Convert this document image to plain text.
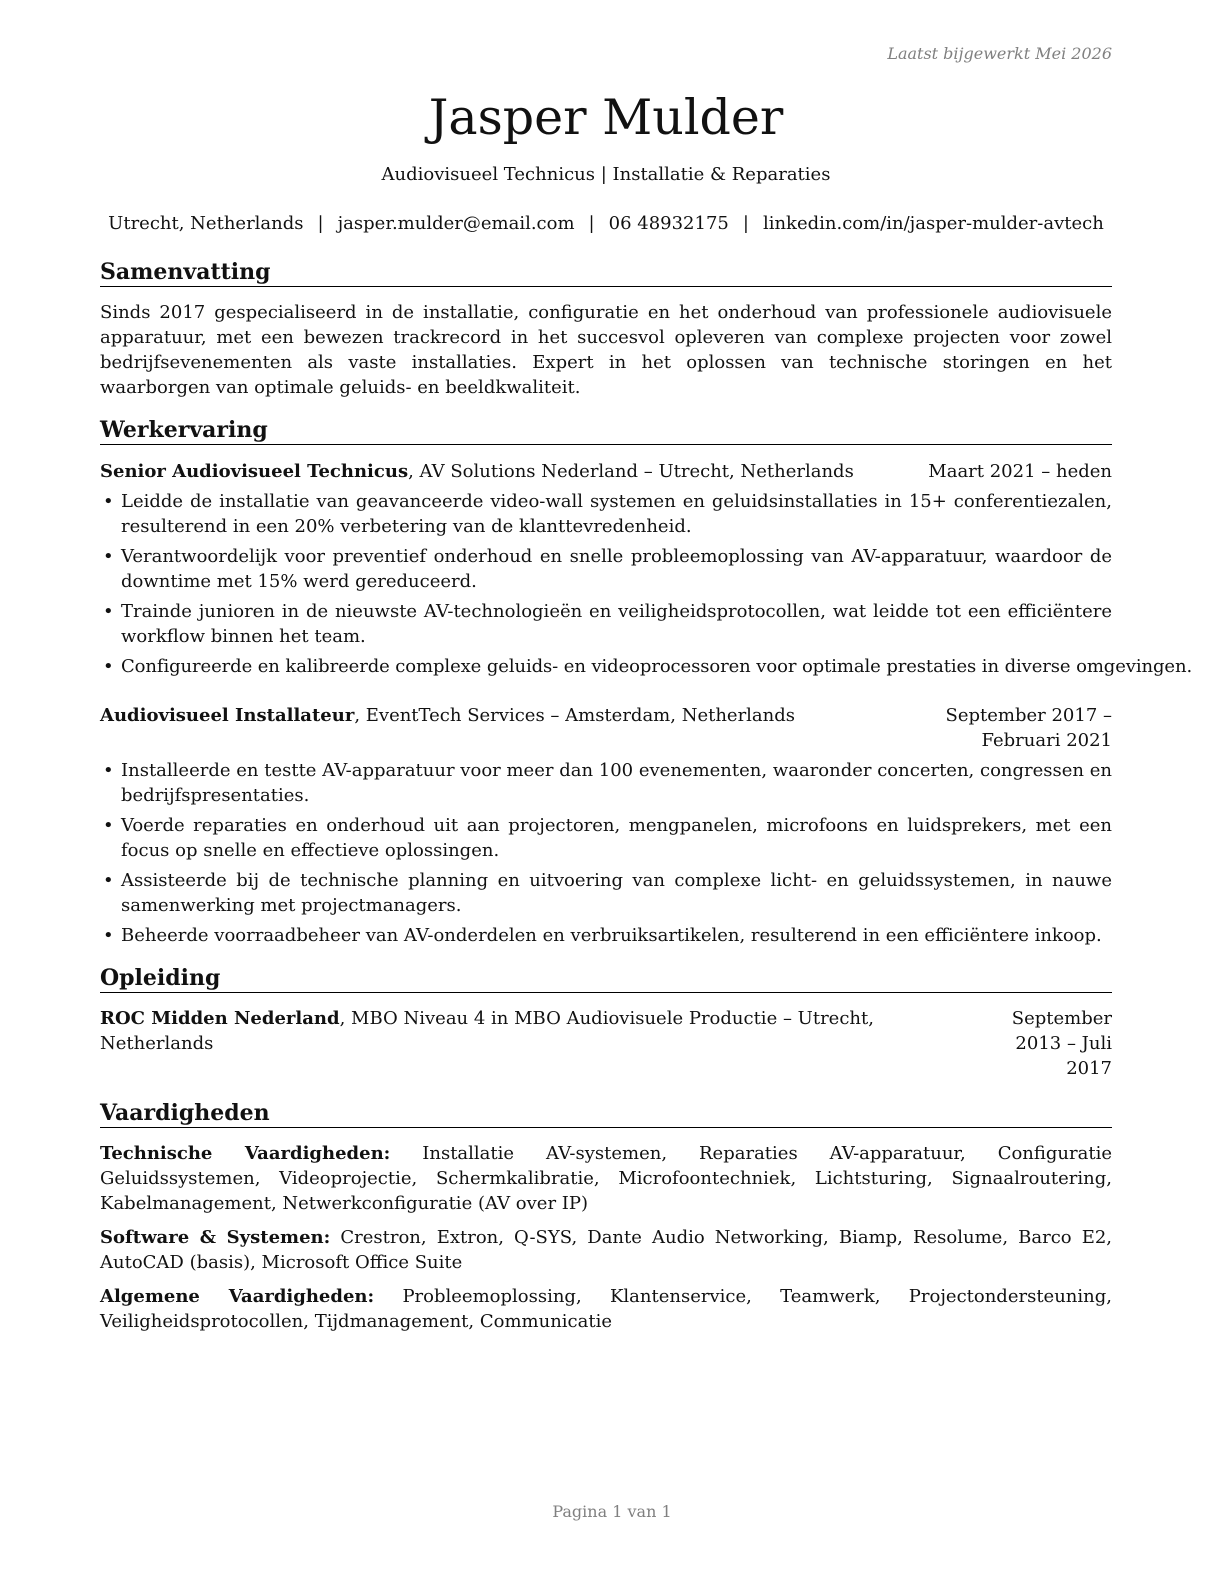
Laatst bijgewerkt Mei 2026
Jasper Mulder
Audiovisueel Technicus | Installatie & Reparaties
Utrecht, Netherlands | jasper.mulder@email.com | 06 48932175 | linkedin.com/in/jasper-mulder-avtech
Samenvatting
Sinds 2017 gespecialiseerd in de installatie, configuratie en het onderhoud van professionele audiovisuele apparatuur, met een bewezen trackrecord in het succesvol opleveren van complexe projecten voor zowel bedrijfsevenementen als vaste installaties. Expert in het oplossen van technische storingen en het waarborgen van optimale geluids- en beeldkwaliteit.
Werkervaring
Senior Audiovisueel Technicus, AV Solutions Nederland – Utrecht, Netherlands	Maart 2021 – heden
• Leidde de installatie van geavanceerde video-wall systemen en geluidsinstallaties in 15+ conferentiezalen, resulterend in een 20% verbetering van de klanttevredenheid.
• Verantwoordelijk voor preventief onderhoud en snelle probleemoplossing van AV-apparatuur, waardoor de downtime met 15% werd gereduceerd.
• Trainde junioren in de nieuwste AV-technologieën en veiligheidsprotocollen, wat leidde tot een efficiëntere workflow binnen het team.
• Configureerde en kalibreerde complexe geluids- en videoprocessoren voor optimale prestaties in diverse omgevingen.
Audiovisueel Installateur, EventTech Services – Amsterdam, Netherlands	September 2017 – Februari 2021
• Installeerde en testte AV-apparatuur voor meer dan 100 evenementen, waaronder concerten, congressen en bedrijfspresentaties.
• Voerde reparaties en onderhoud uit aan projectoren, mengpanelen, microfoons en luidsprekers, met een focus op snelle en effectieve oplossingen.
• Assisteerde bij de technische planning en uitvoering van complexe licht- en geluidssystemen, in nauwe samenwerking met projectmanagers.
• Beheerde voorraadbeheer van AV-onderdelen en verbruiksartikelen, resulterend in een efficiëntere inkoop.
Opleiding
ROC Midden Nederland, MBO Niveau 4 in MBO Audiovisuele Productie – Utrecht, Netherlands
September 2013 – Juli 2017
Vaardigheden
Technische Vaardigheden: Installatie AV-systemen, Reparaties AV-apparatuur, Configuratie Geluidssystemen, Videoprojectie, Schermkalibratie, Microfoontechniek, Lichtsturing, Signaalroutering, Kabelmanagement, Netwerkconfiguratie (AV over IP)
Software & Systemen: Crestron, Extron, Q-SYS, Dante Audio Networking, Biamp, Resolume, Barco E2, AutoCAD (basis), Microsoft Office Suite
Algemene Vaardigheden: Probleemoplossing, Klantenservice, Teamwerk, Projectondersteuning, Veiligheidsprotocollen, Tijdmanagement, Communicatie
Pagina 1 van 1
